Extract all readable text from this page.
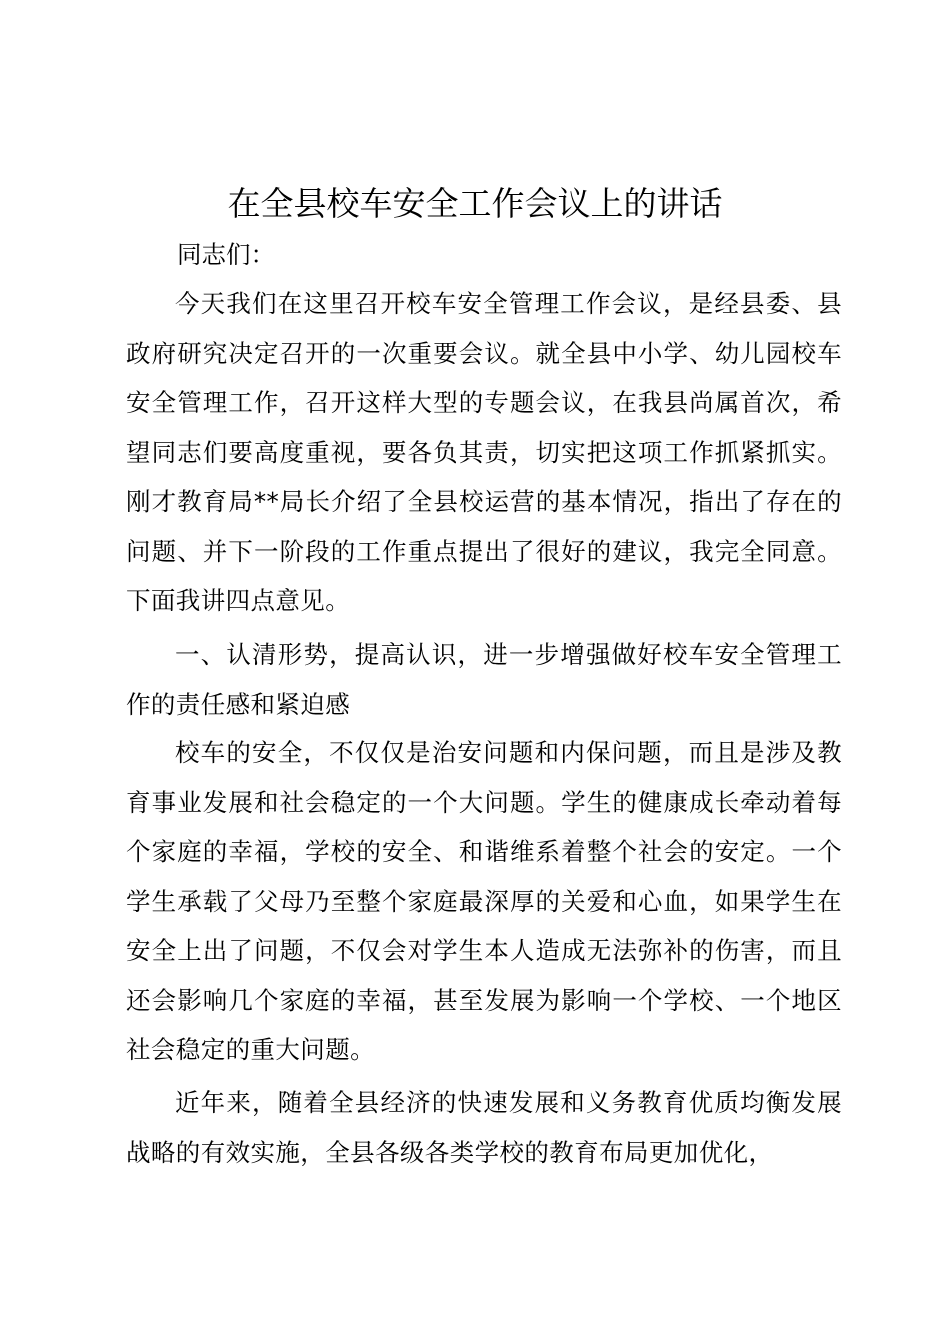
在全县校车安全工作会议上的讲话
同志们：
今天我们在这里召开校车安全管理工作会议，是经县委、县政府研究决定召开的一次重要会议。就全县中小学、幼儿园校车安全管理工作，召开这样大型的专题会议，在我县尚属首次，希望同志们要高度重视，要各负其责，切实把这项工作抓紧抓实。刚才教育局**局长介绍了全县校运营的基本情况，指出了存在的问题、并下一阶段的工作重点提出了很好的建议，我完全同意。下面我讲四点意见。
一、认清形势，提高认识，进一步增强做好校车安全管理工作的责任感和紧迫感
校车的安全，不仅仅是治安问题和内保问题，而且是涉及教育事业发展和社会稳定的一个大问题。学生的健康成长牵动着每个家庭的幸福，学校的安全、和谐维系着整个社会的安定。一个学生承载了父母乃至整个家庭最深厚的关爱和心血，如果学生在安全上出了问题，不仅会对学生本人造成无法弥补的伤害，而且还会影响几个家庭的幸福，甚至发展为影响一个学校、一个地区社会稳定的重大问题。
近年来，随着全县经济的快速发展和义务教育优质均衡发展战略的有效实施，全县各级各类学校的教育布局更加优化，
